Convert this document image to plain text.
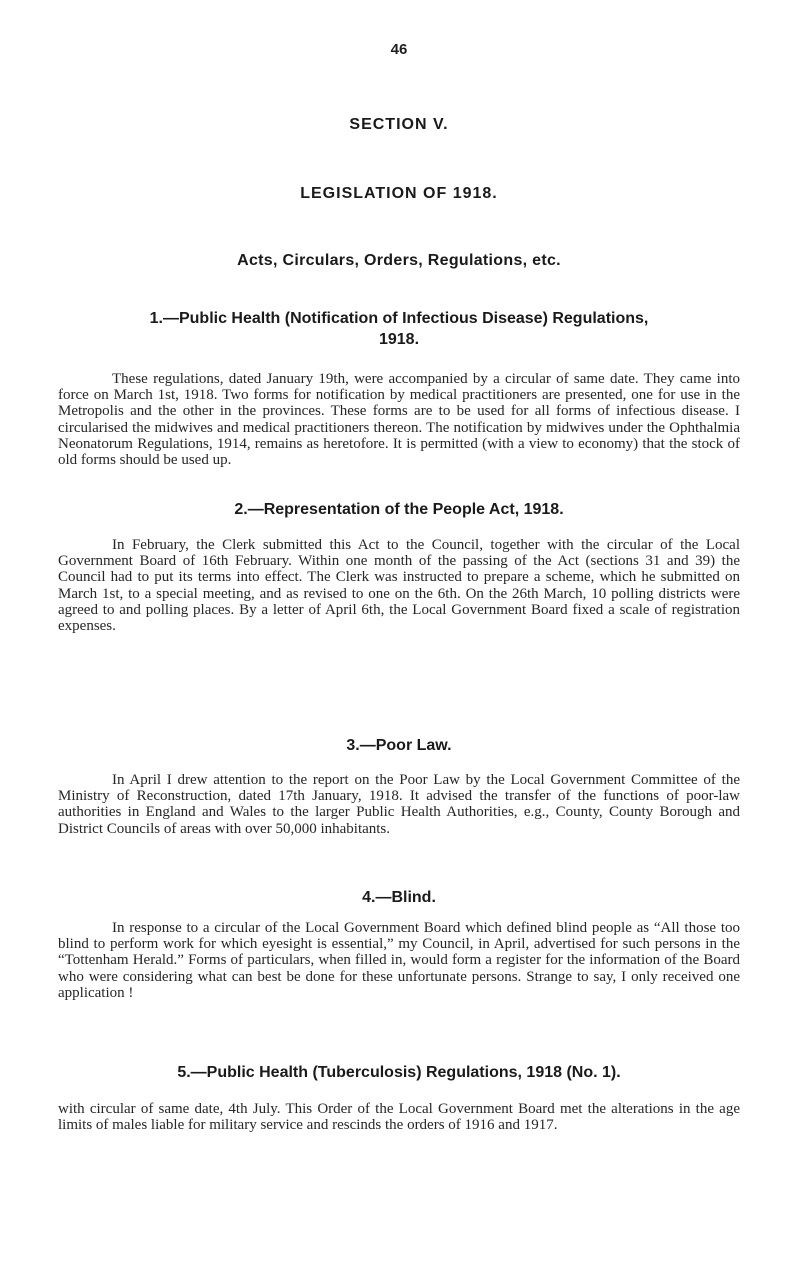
46
SECTION V.
LEGISLATION OF 1918.
Acts, Circulars, Orders, Regulations, etc.
1.—Public Health (Notification of Infectious Disease) Regulations,
1918.

These regulations, dated January 19th, were accompanied by a circular of same date. They came into force on March 1st, 1918. Two forms for notification by medical practitioners are presented, one for use in the Metropolis and the other in the provinces. These forms are to be used for all forms of infectious disease. I circularised the midwives and medical practitioners thereon. The notification by midwives under the Ophthalmia Neonatorum Regulations, 1914, remains as heretofore. It is permitted (with a view to economy) that the stock of old forms should be used up.

2.—Representation of the People Act, 1918.

In February, the Clerk submitted this Act to the Council, together with the circular of the Local Government Board of 16th February. Within one month of the passing of the Act (sections 31 and 39) the Council had to put its terms into effect. The Clerk was instructed to prepare a scheme, which he submitted on March 1st, to a special meeting, and as revised to one on the 6th. On the 26th March, 10 polling districts were agreed to and polling places. By a letter of April 6th, the Local Government Board fixed a scale of registration expenses.

3.—Poor Law.

In April I drew attention to the report on the Poor Law by the Local Government Committee of the Ministry of Reconstruction, dated 17th January, 1918. It advised the transfer of the functions of poor-law authorities in England and Wales to the larger Public Health Authorities, e.g., County, County Borough and District Councils of areas with over 50,000 inhabitants.

4.—Blind.

In response to a circular of the Local Government Board which defined blind people as “All those too blind to perform work for which eyesight is essential,” my Council, in April, advertised for such persons in the “Tottenham Herald.” Forms of particulars, when filled in, would form a register for the information of the Board who were considering what can best be done for these unfortunate persons. Strange to say, I only received one application !

5.—Public Health (Tuberculosis) Regulations, 1918 (No. 1).

with circular of same date, 4th July. This Order of the Local Government Board met the alterations in the age limits of males liable for military service and rescinds the orders of 1916 and 1917.
